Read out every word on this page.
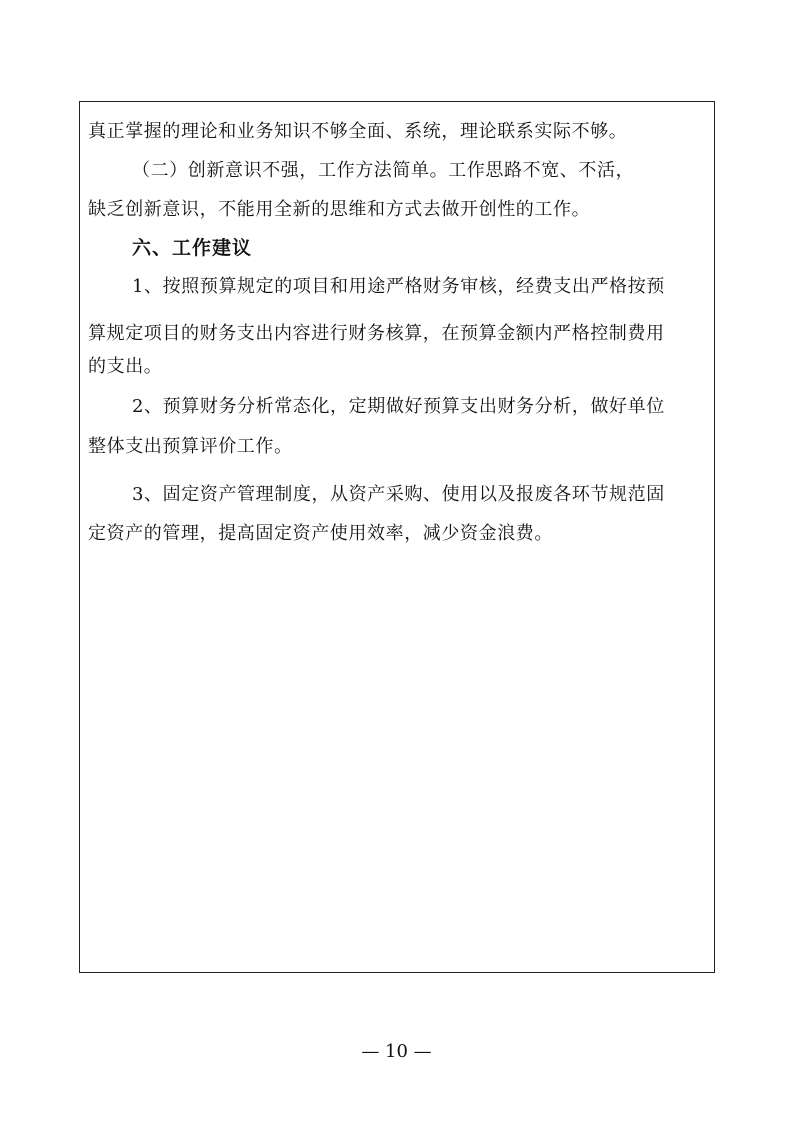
真正掌握的理论和业务知识不够全面、系统，理论联系实际不够。

（二）创新意识不强，工作方法简单。工作思路不宽、不活，

缺乏创新意识，不能用全新的思维和方式去做开创性的工作。

六、工作建议

1、按照预算规定的项目和用途严格财务审核，经费支出严格按预

算规定项目的财务支出内容进行财务核算，在预算金额内严格控制费用

的支出。

2、预算财务分析常态化，定期做好预算支出财务分析，做好单位

整体支出预算评价工作。

3、固定资产管理制度，从资产采购、使用以及报废各环节规范固

定资产的管理，提高固定资产使用效率，减少资金浪费。

— 10 —
